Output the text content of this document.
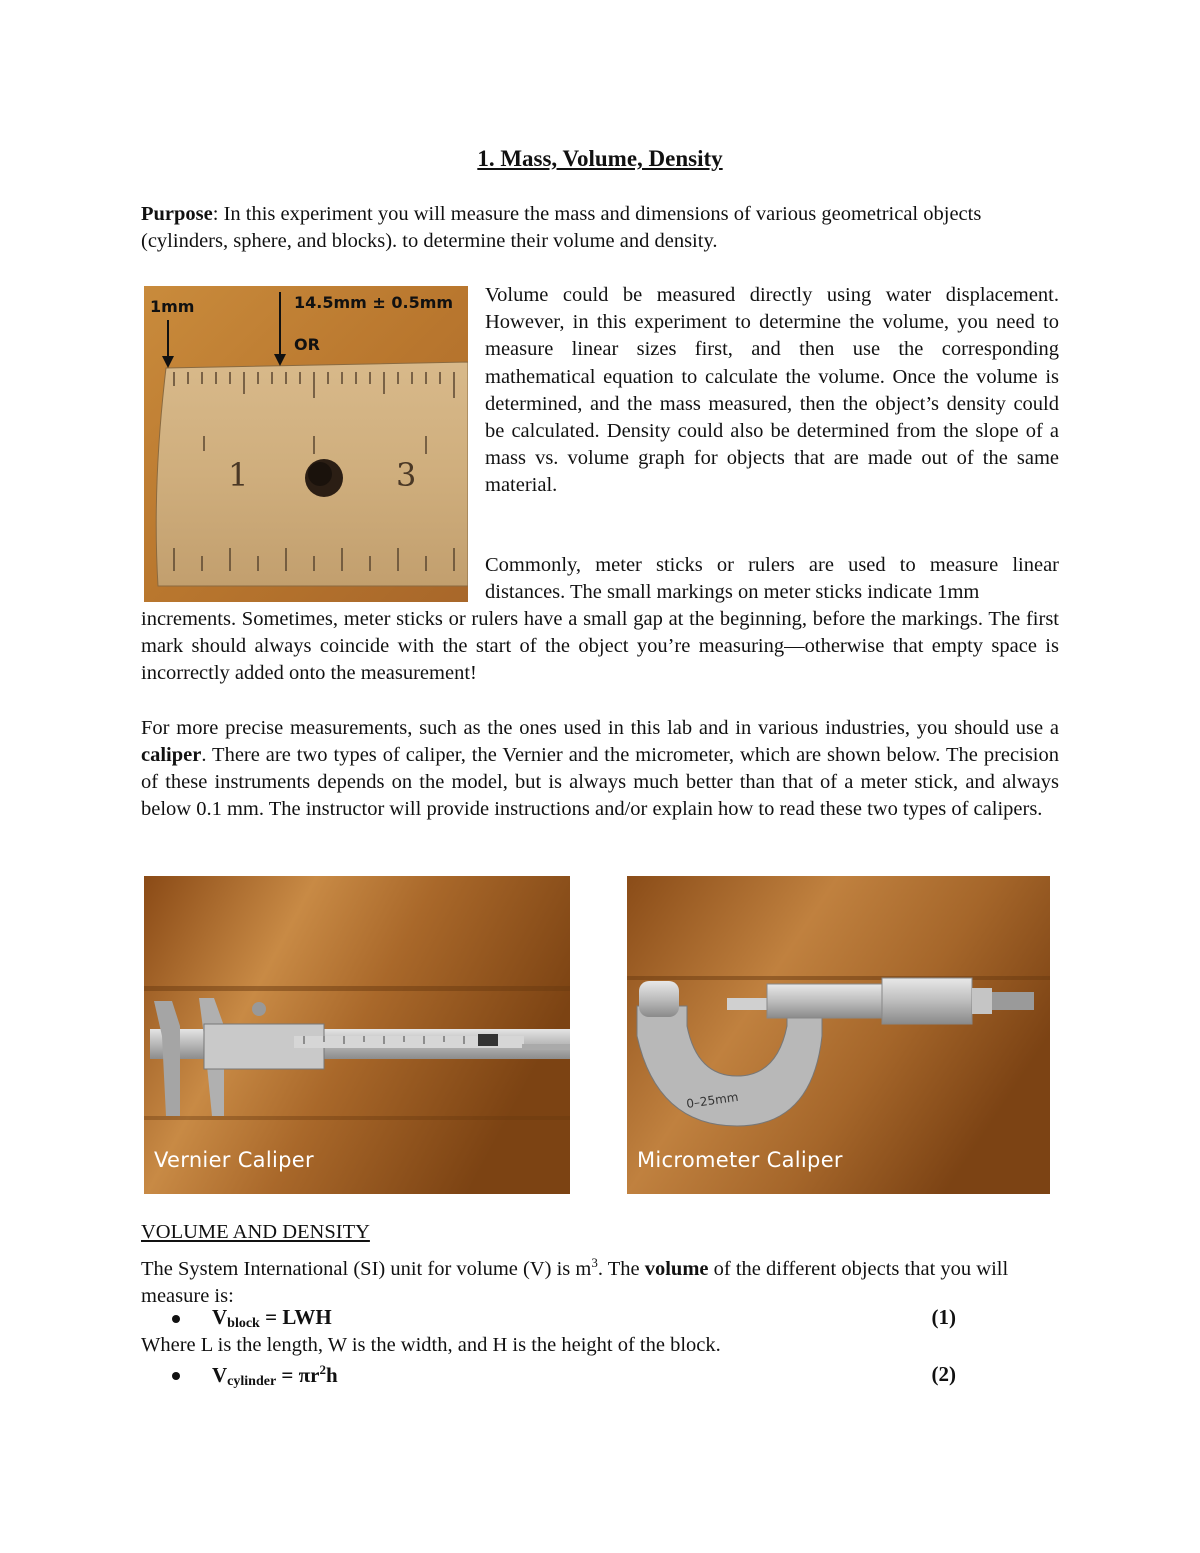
1. Mass, Volume, Density
Purpose: In this experiment you will measure the mass and dimensions of various geometrical objects (cylinders, sphere, and blocks). to determine their volume and density.
1	3
1mm	14.5mm ± 0.5mm
OR
Volume could be measured directly using water displacement. However, in this experiment to determine the volume, you need to measure linear sizes first, and then use the corresponding mathematical equation to calculate the volume. Once the volume is determined, and the mass measured, then the object’s density could be calculated. Density could also be determined from the slope of a mass vs. volume graph for objects that are made out of the same material.
Commonly, meter sticks or rulers are used to measure linear distances. The small markings on meter sticks indicate 1mm
increments. Sometimes, meter sticks or rulers have a small gap at the beginning, before the markings. The first mark should always coincide with the start of the object you’re measuring—otherwise that empty space is incorrectly added onto the measurement!
For more precise measurements, such as the ones used in this lab and in various industries, you should use a caliper. There are two types of caliper, the Vernier and the micrometer, which are shown below. The precision of these instruments depends on the model, but is always much better than that of a meter stick, and always below 0.1 mm. The instructor will provide instructions and/or explain how to read these two types of calipers.
Vernier Caliper
0–25mm
Micrometer Caliper
VOLUME AND DENSITY
The System International (SI) unit for volume (V) is $m^3$. The volume of the different objects that you will measure is:
$V_{block}$ = LWH	(1)
Where L is the length, W is the width, and H is the height of the block.
$V_{cylinder} = \pi r^2h$	(2)
